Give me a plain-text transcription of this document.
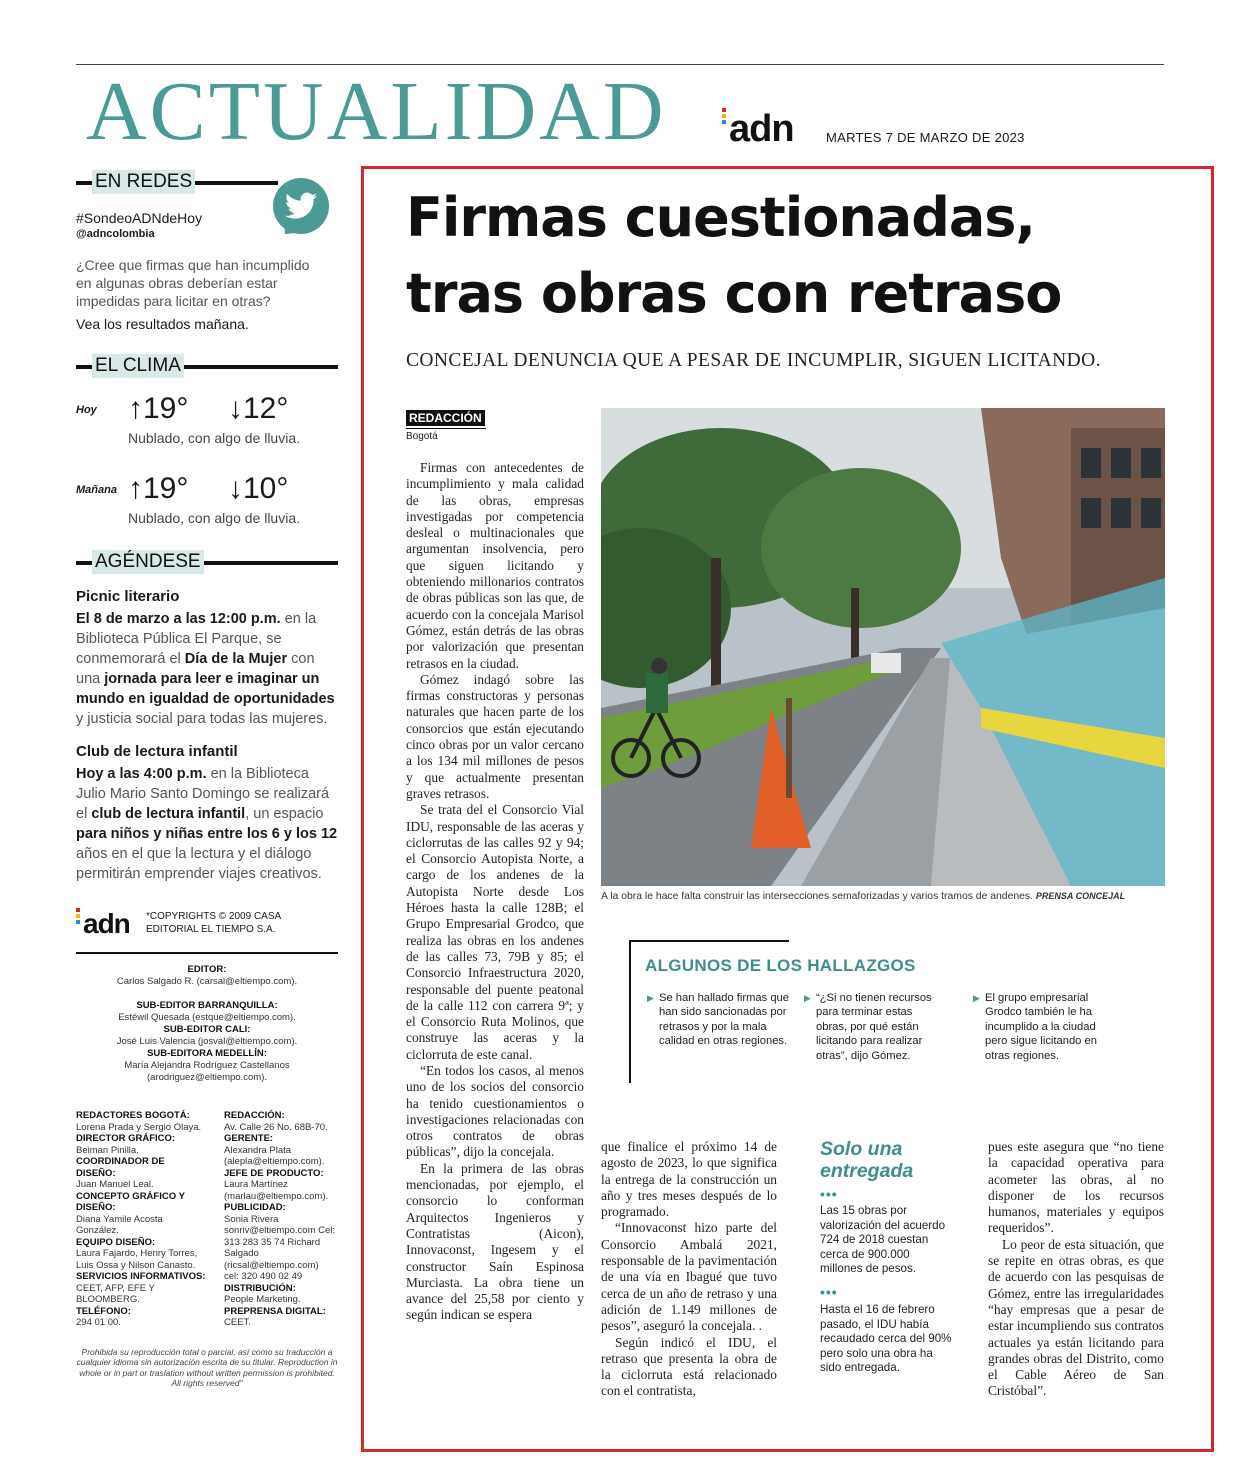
ACTUALIDAD adn MARTES 7 DE MARZO DE 2023
EN REDES
#SondeoADNdeHoy
@adncolombia
¿Cree que firmas que han incumplido en algunas obras deberían estar impedidas para licitar en otras?
Vea los resultados mañana.
EL CLIMA
Hoy ↑19° ↓12°
Nublado, con algo de lluvia.
Mañana ↑19° ↓10°
Nublado, con algo de lluvia.
AGÉNDESE
Picnic literario
El 8 de marzo a las 12:00 p.m. en la Biblioteca Pública El Parque, se conmemorará el Día de la Mujer con una jornada para leer e imaginar un mundo en igualdad de oportunidades y justicia social para todas las mujeres.
Club de lectura infantil
Hoy a las 4:00 p.m. en la Biblioteca Julio Mario Santo Domingo se realizará el club de lectura infantil, un espacio para niños y niñas entre los 6 y los 12 años en el que la lectura y el diálogo permitirán emprender viajes creativos.
adn *COPYRIGHTS © 2009 CASA EDITORIAL EL TIEMPO S.A.
EDITOR:
Carlos Salgado R. (carsal@eltiempo.com).

SUB-EDITOR BARRANQUILLA:
Estéwil Quesada (estque@eltiempo.com).
SUB-EDITOR CALI:
José Luis Valencia (josval@eltiempo.com).
SUB-EDITORA MEDELLÍN:
María Alejandra Rodríguez Castellanos (arodriguez@eltiempo.com).
REDACTORES BOGOTÁ:
Lorena Prada y Sergio Olaya.
DIRECTOR GRÁFICO:
Beiman Pinilla.
COORDINADOR DE DISEÑO:
Juan Manuel Leal.
CONCEPTO GRÁFICO Y DISEÑO:
Diana Yamile Acosta González.
EQUIPO DISEÑO:
Laura Fajardo, Henry Torres, Luis Ossa y Nilson Canasto.
SERVICIOS INFORMATIVOS:
CEET, AFP, EFE Y BLOOMBERG.
TELÉFONO:
294 01 00.
REDACCIÓN:
Av. Calle 26 No. 68B-70.
GERENTE:
Alexandra Plata (alepla@eltiempo.com).
JEFE DE PRODUCTO:
Laura Martínez (marlau@eltiempo.com).
PUBLICIDAD:
Sonia Rivera sonriv@eltiempo.com Cel: 313 283 35 74 Richard Salgado (ricsal@eltiempo.com) cel: 320 490 02 49
DISTRIBUCIÓN:
People Marketing.
PREPRENSA DIGITAL:
CEET.
Prohibida su reproducción total o parcial, así como su traducción a cualquier idioma sin autorización escrita de su titular. Reproduction in whole or in part or traslation without written permission is prohibited. All rights reserved"
Firmas cuestionadas,
tras obras con retraso
CONCEJAL DENUNCIA QUE A PESAR DE INCUMPLIR, SIGUEN LICITANDO.
REDACCIÓN
Bogotá

Firmas con antecedentes de incumplimiento y mala calidad de las obras, empresas investigadas por competencia desleal o multinacionales que argumentan insolvencia, pero que siguen licitando y obteniendo millonarios contratos de obras públicas son las que, de acuerdo con la concejala Marisol Gómez, están detrás de las obras por valorización que presentan retrasos en la ciudad.

Gómez indagó sobre las firmas constructoras y personas naturales que hacen parte de los consorcios que están ejecutando cinco obras por un valor cercano a los 134 mil millones de pesos y que actualmente presentan graves retrasos.

Se trata del el Consorcio Vial IDU, responsable de las aceras y ciclorrutas de las calles 92 y 94; el Consorcio Autopista Norte, a cargo de los andenes de la Autopista Norte desde Los Héroes hasta la calle 128B; el Grupo Empresarial Grodco, que realiza las obras en los andenes de las calles 73, 79B y 85; el Consorcio Infraestructura 2020, responsable del puente peatonal de la calle 112 con carrera 9ª; y el Consorcio Ruta Molinos, que construye las aceras y la ciclorruta de este canal.

“En todos los casos, al menos uno de los socios del consorcio ha tenido cuestionamientos o investigaciones relacionadas con otros contratos de obras públicas”, dijo la concejala.

En la primera de las obras mencionadas, por ejemplo, el consorcio lo conforman Arquitectos Ingenieros y Contratistas (Aicon), Innovaconst, Ingesem y el constructor Saín Espinosa Murciasta. La obra tiene un avance del 25,58 por ciento y según indican se espera

A la obra le hace falta construir las intersecciones semaforizadas y varios tramos de andenes. PRENSA CONCEJAL
ALGUNOS DE LOS HALLAZGOS
▶ Se han hallado firmas que han sido sancionadas por retrasos y por la mala calidad en otras regiones.
▶ “¿Si no tienen recursos para terminar estas obras, por qué están licitando para realizar otras”, dijo Gómez.
▶ El grupo empresarial Grodco también le ha incumplido a la ciudad pero sigue licitando en otras regiones.

que finalice el próximo 14 de agosto de 2023, lo que significa la entrega de la construcción un año y tres meses después de lo programado.

“Innovaconst hizo parte del Consorcio Ambalá 2021, responsable de la pavimentación de una vía en Ibagué que tuvo cerca de un año de retraso y una adición de 1.149 millones de pesos”, aseguró la concejala. .

Según indicó el IDU, el retraso que presenta la obra de la ciclorruta está relacionado con el contratista,

Solo una entregada
•••
Las 15 obras por valorización del acuerdo 724 de 2018 cuestan cerca de 900.000 millones de pesos.
•••
Hasta el 16 de febrero pasado, el IDU había recaudado cerca del 90% pero solo una obra ha sido entregada.

pues este asegura que “no tiene la capacidad operativa para acometer las obras, al no disponer de los recursos humanos, materiales y equipos requeridos”.

Lo peor de esta situación, que se repite en otras obras, es que de acuerdo con las pesquisas de Gómez, entre las irregularidades “hay empresas que a pesar de estar incumpliendo sus contratos actuales ya están licitando para grandes obras del Distrito, como el Cable Aéreo de San Cristóbal”.
